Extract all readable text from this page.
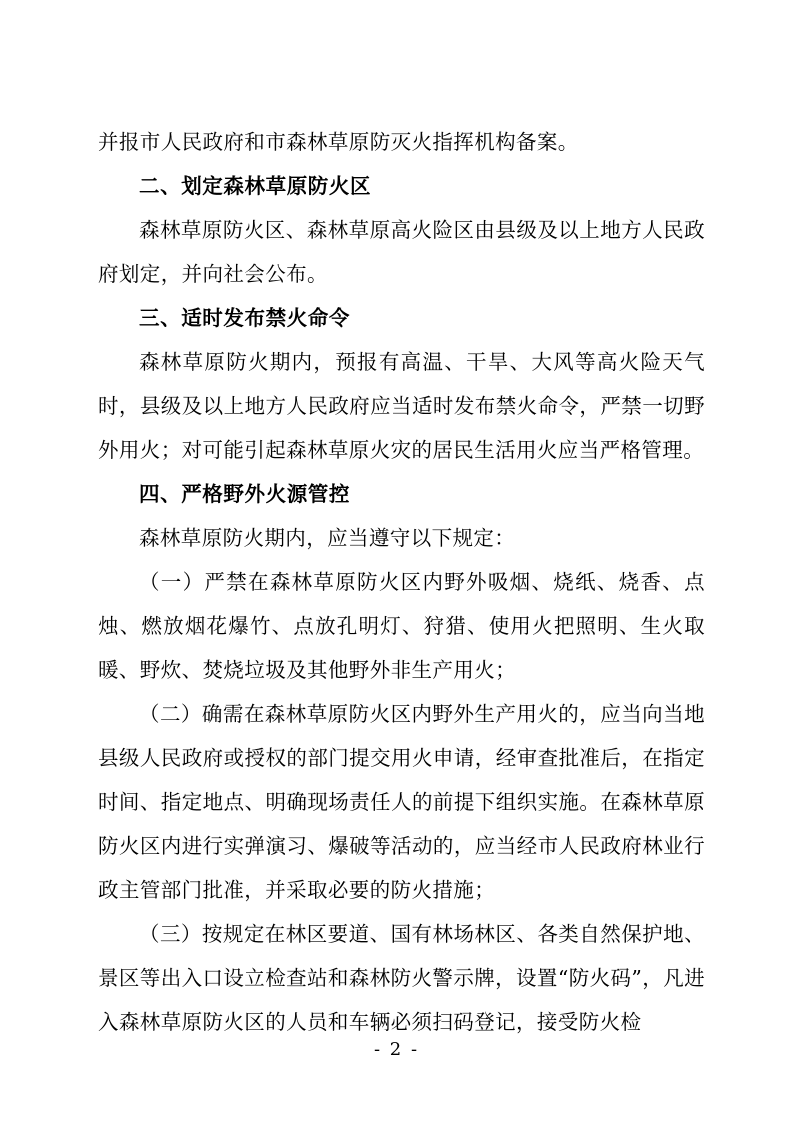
并报市人民政府和市森林草原防灭火指挥机构备案。

二、划定森林草原防火区

森林草原防火区、森林草原高火险区由县级及以上地方人民政府划定，并向社会公布。

三、适时发布禁火命令

森林草原防火期内，预报有高温、干旱、大风等高火险天气时，县级及以上地方人民政府应当适时发布禁火命令，严禁一切野外用火；对可能引起森林草原火灾的居民生活用火应当严格管理。

四、严格野外火源管控

森林草原防火期内，应当遵守以下规定：

（一）严禁在森林草原防火区内野外吸烟、烧纸、烧香、点烛、燃放烟花爆竹、点放孔明灯、狩猎、使用火把照明、生火取暖、野炊、焚烧垃圾及其他野外非生产用火；

（二）确需在森林草原防火区内野外生产用火的，应当向当地县级人民政府或授权的部门提交用火申请，经审查批准后，在指定时间、指定地点、明确现场责任人的前提下组织实施。在森林草原防火区内进行实弹演习、爆破等活动的，应当经市人民政府林业行政主管部门批准，并采取必要的防火措施；

（三）按规定在林区要道、国有林场林区、各类自然保护地、景区等出入口设立检查站和森林防火警示牌，设置“防火码”，凡进入森林草原防火区的人员和车辆必须扫码登记，接受防火检

- 2 -
